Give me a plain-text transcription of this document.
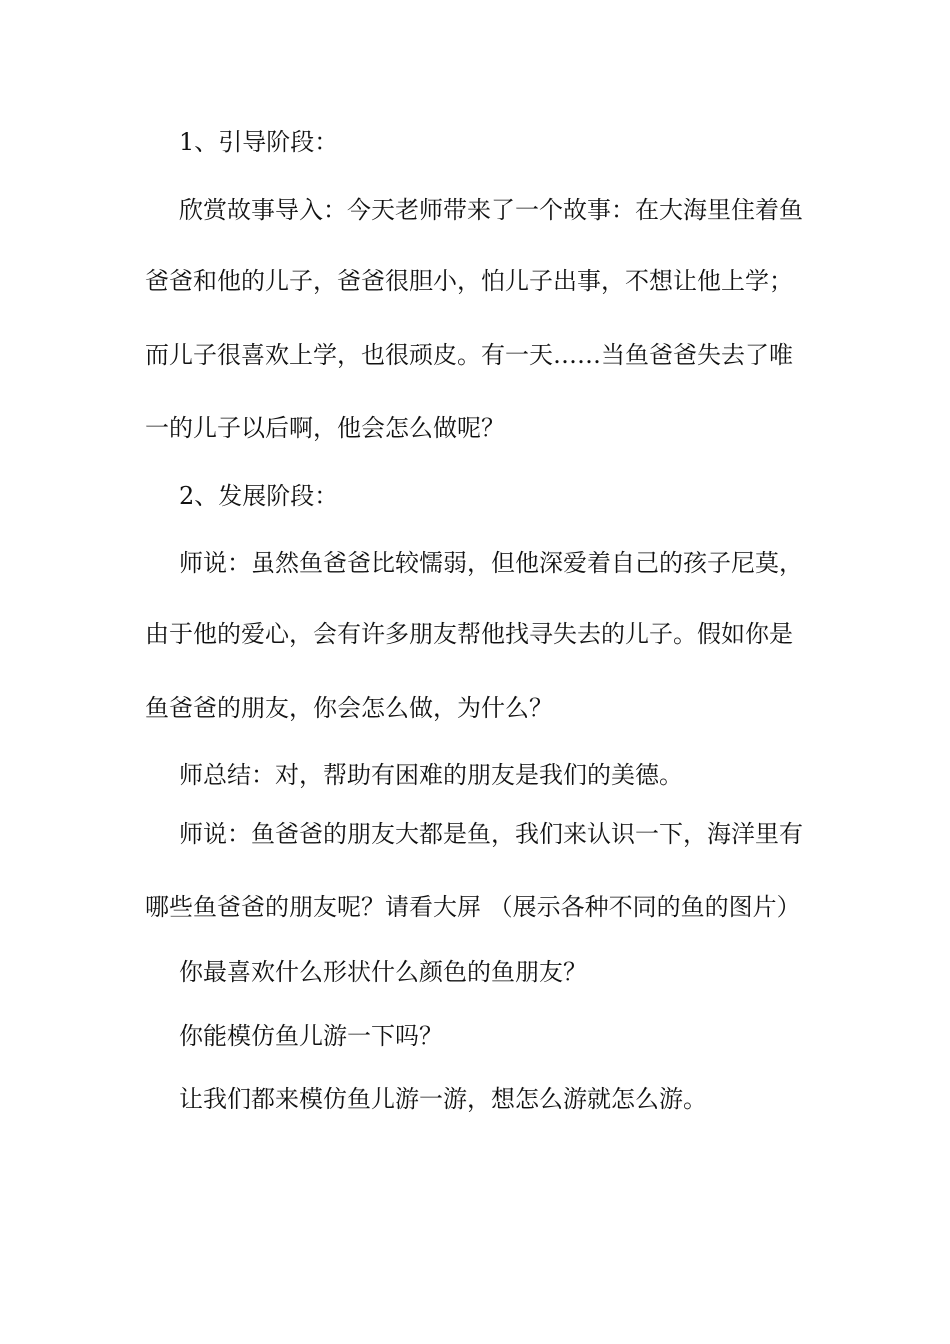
1、引导阶段：
欣赏故事导入：今天老师带来了一个故事：在大海里住着鱼
爸爸和他的儿子，爸爸很胆小，怕儿子出事，不想让他上学；
而儿子很喜欢上学，也很顽皮。有一天……当鱼爸爸失去了唯
一的儿子以后啊，他会怎么做呢？
2、发展阶段：
师说：虽然鱼爸爸比较懦弱，但他深爱着自己的孩子尼莫，
由于他的爱心，会有许多朋友帮他找寻失去的儿子。假如你是
鱼爸爸的朋友，你会怎么做，为什么？
师总结：对，帮助有困难的朋友是我们的美德。
师说：鱼爸爸的朋友大都是鱼，我们来认识一下，海洋里有
哪些鱼爸爸的朋友呢？请看大屏 （展示各种不同的鱼的图片）
你最喜欢什么形状什么颜色的鱼朋友？
你能模仿鱼儿游一下吗？
让我们都来模仿鱼儿游一游，想怎么游就怎么游。
